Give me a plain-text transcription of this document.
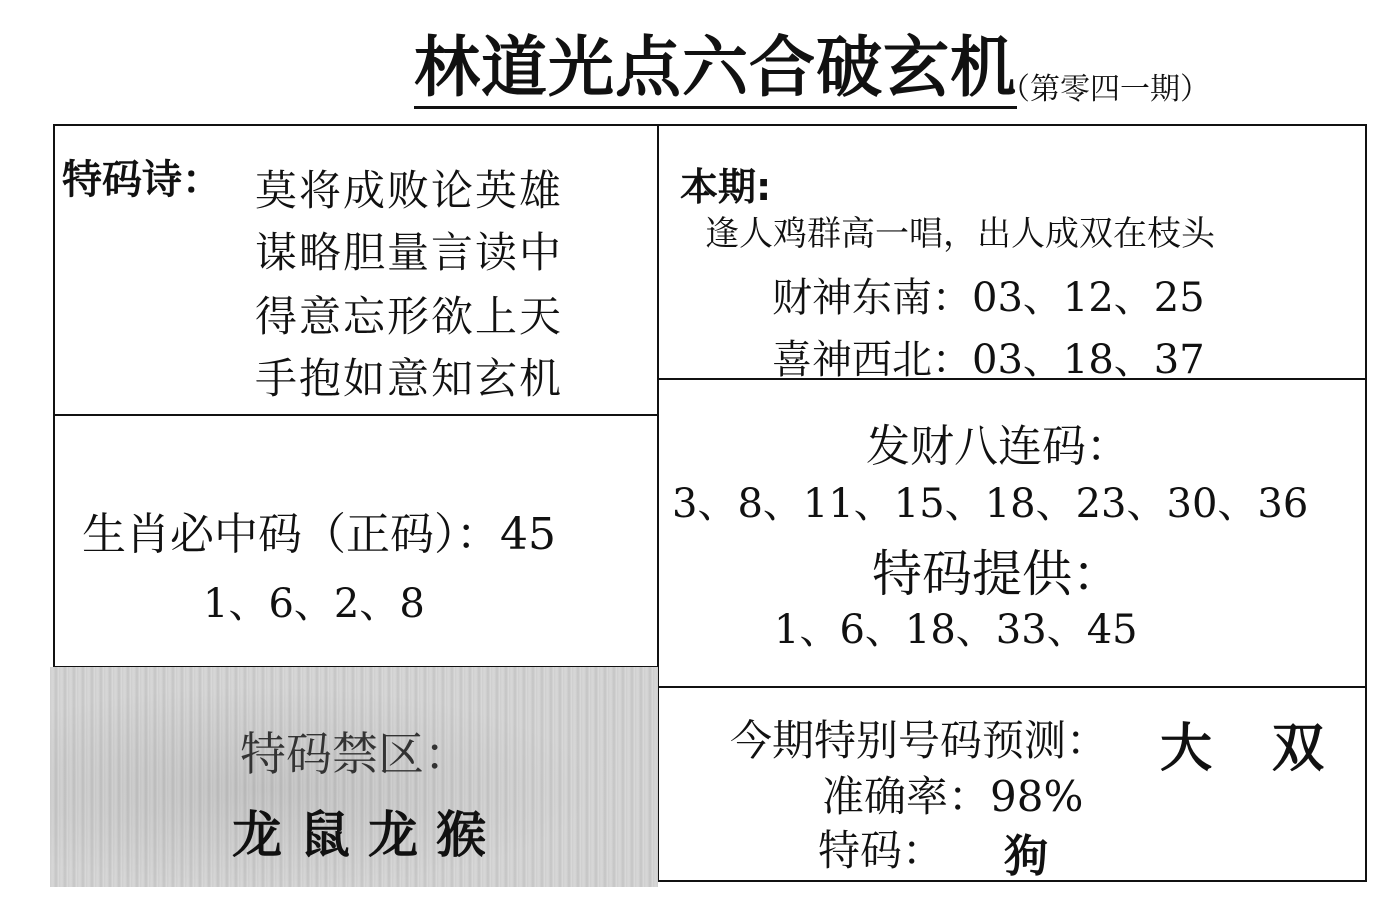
林道光点六合破玄机
（第零四一期）
特码诗： 莫将成败论英雄
谋略胆量言读中
得意忘形欲上天
手抱如意知玄机
本期:
逢人鸡群高一唱，出人成双在枝头
财神东南：03、12、25
喜神西北：03、18、37
生肖必中码（正码）：45
1、6、2、8
发财八连码：
3、8、11、15、18、23、30、36
特码提供：
1、6、18、33、45
特码禁区：
龙鼠龙猴
今期特别号码预测： 大 双
准确率：98%
特码： 狗
